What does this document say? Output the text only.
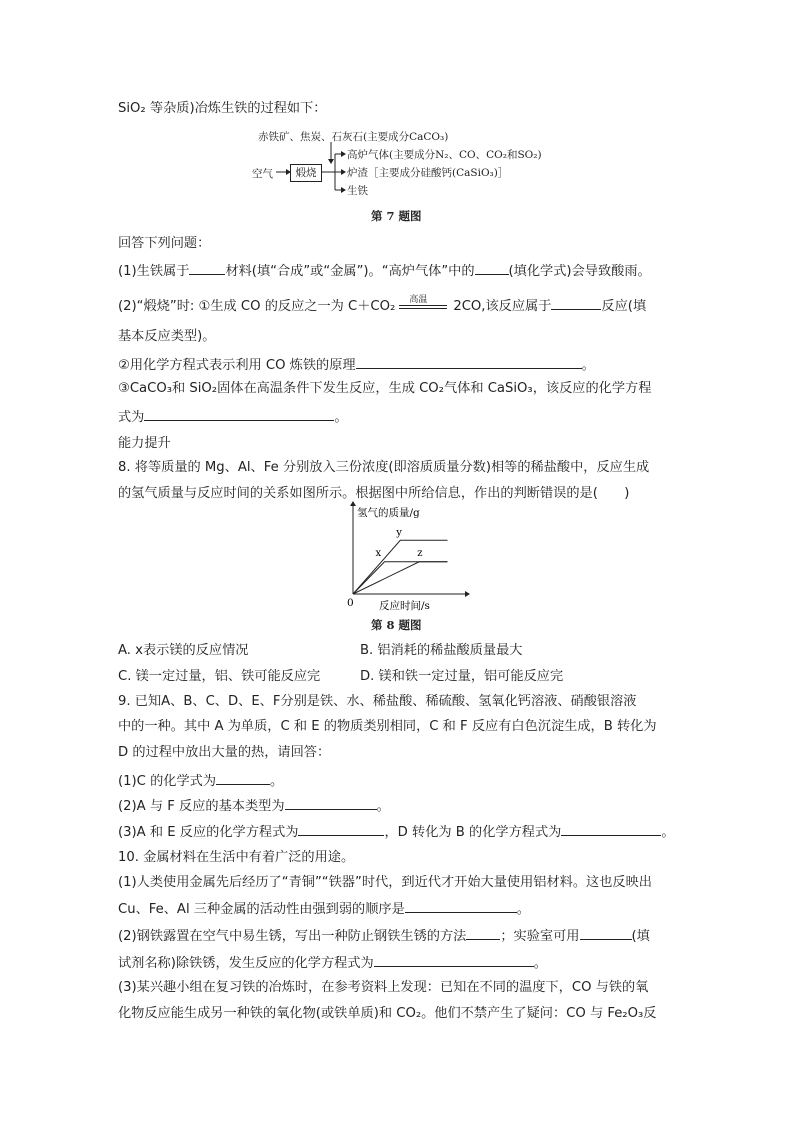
SiO₂ 等杂质)冶炼生铁的过程如下：
赤铁矿、焦炭、石灰石(主要成分CaCO₃)
空气	煅烧
高炉气体(主要成分N₂、CO、CO₂和SO₂)
炉渣［主要成分硅酸钙(CaSiO₃)］
生铁
第 7 题图
回答下列问题：
(1)生铁属于	材料(填“合成”或“金属”)。“高炉气体”中的	(填化学式)会导致酸雨。
(2)“煅烧”时: ①生成 CO 的反应之一为 C＋CO₂ 高温 2CO,该反应属于	反应(填
基本反应类型)。
②用化学方程式表示利用 CO 炼铁的原理	。
③CaCO₃和 SiO₂固体在高温条件下发生反应，生成 CO₂气体和 CaSiO₃，该反应的化学方程
式为	。
能力提升
8. 将等质量的 Mg、Al、Fe 分别放入三份浓度(即溶质质量分数)相等的稀盐酸中，反应生成
的氢气质量与反应时间的关系如图所示。根据图中所给信息，作出的判断错误的是(　　)
y
x	z
氢气的质量/g
反应时间/s
0
第 8 题图
A. x表示镁的反应情况	B. 铝消耗的稀盐酸质量最大
C. 镁一定过量，铝、铁可能反应完	D. 镁和铁一定过量，铝可能反应完
9. 已知A、B、C、D、E、F分别是铁、水、稀盐酸、稀硫酸、氢氧化钙溶液、硝酸银溶液
中的一种。其中 A 为单质，C 和 E 的物质类别相同，C 和 F 反应有白色沉淀生成，B 转化为
D 的过程中放出大量的热，请回答：
(1)C 的化学式为	。
(2)A 与 F 反应的基本类型为	。
(3)A 和 E 反应的化学方程式为	，D 转化为 B 的化学方程式为	。
10. 金属材料在生活中有着广泛的用途。
(1)人类使用金属先后经历了“青铜”“铁器”时代，到近代才开始大量使用铝材料。这也反映出
Cu、Fe、Al 三种金属的活动性由强到弱的顺序是	。
(2)钢铁露置在空气中易生锈，写出一种防止钢铁生锈的方法	；实验室可用	(填
试剂名称)除铁锈，发生反应的化学方程式为	。
(3)某兴趣小组在复习铁的冶炼时，在参考资料上发现：已知在不同的温度下，CO 与铁的氧
化物反应能生成另一种铁的氧化物(或铁单质)和 CO₂。他们不禁产生了疑问：CO 与 Fe₂O₃反
